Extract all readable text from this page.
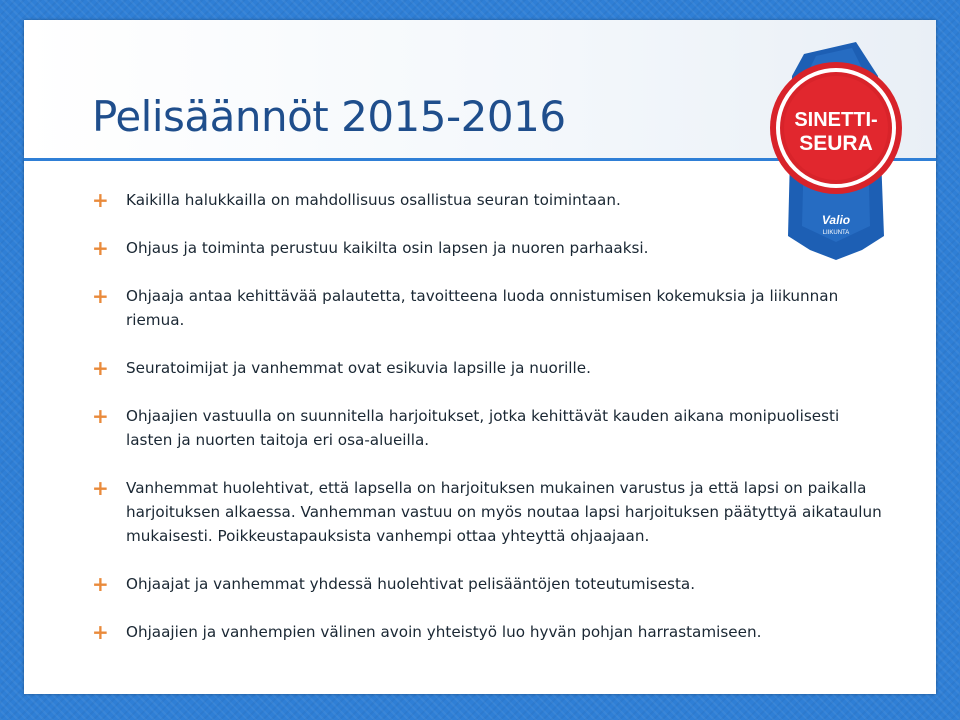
Pelisäännöt 2015-2016	SINETTI-
SEURA
Valio
LIIKUNTA
+ Kaikilla halukkailla on mahdollisuus osallistua seuran toimintaan.
+ Ohjaus ja toiminta perustuu kaikilta osin lapsen ja nuoren parhaaksi.
+ Ohjaaja antaa kehittävää palautetta, tavoitteena luoda onnistumisen kokemuksia ja liikunnan riemua.
+ Seuratoimijat ja vanhemmat ovat esikuvia lapsille ja nuorille.
+ Ohjaajien vastuulla on suunnitella harjoitukset, jotka kehittävät kauden aikana monipuolisesti lasten ja nuorten taitoja eri osa-alueilla.
+ Vanhemmat huolehtivat, että lapsella on harjoituksen mukainen varustus ja että lapsi on paikalla harjoituksen alkaessa. Vanhemman vastuu on myös noutaa lapsi harjoituksen päätyttyä aikataulun mukaisesti. Poikkeustapauksista vanhempi ottaa yhteyttä ohjaajaan.
+ Ohjaajat ja vanhemmat yhdessä huolehtivat pelisääntöjen toteutumisesta.
+ Ohjaajien ja vanhempien välinen avoin yhteistyö luo hyvän pohjan harrastamiseen.
